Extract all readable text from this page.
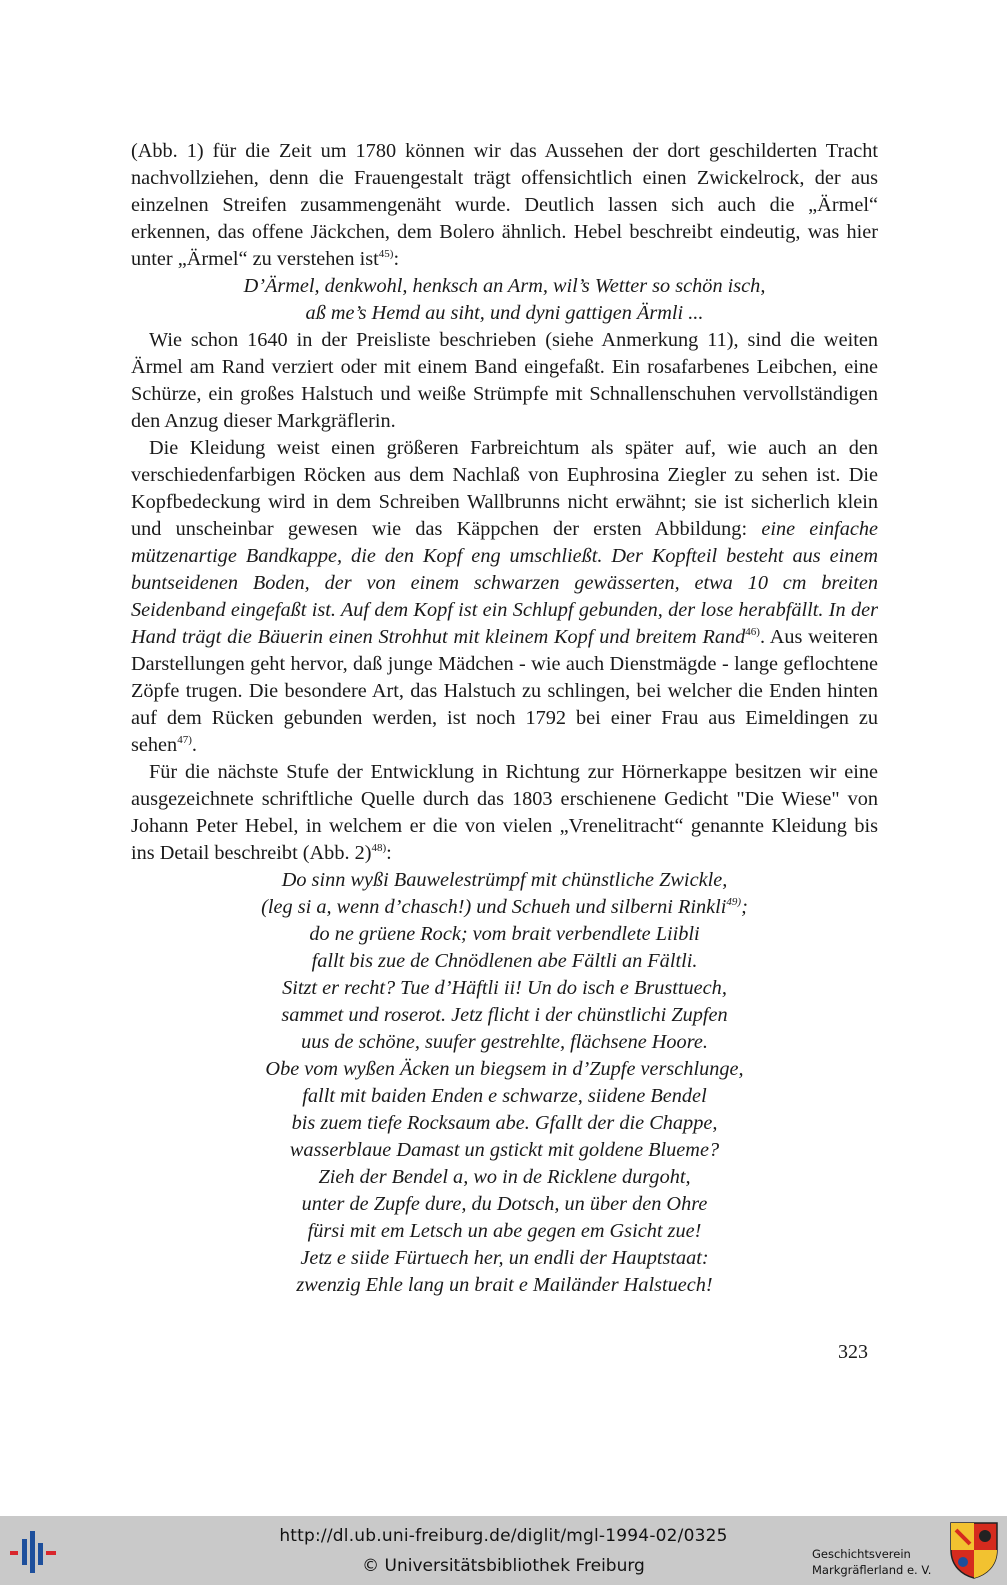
(Abb. 1) für die Zeit um 1780 können wir das Aussehen der dort geschilderten Tracht nachvollziehen, denn die Frauengestalt trägt offensichtlich einen Zwickelrock, der aus einzelnen Streifen zusammengenäht wurde. Deutlich lassen sich auch die „Ärmel“ erkennen, das offene Jäckchen, dem Bolero ähnlich. Hebel beschreibt eindeutig, was hier unter „Ärmel“ zu verstehen ist$^{45)}$:

D’Ärmel, denkwohl, henksch an Arm, wil’s Wetter so schön isch,
aß me’s Hemd au siht, und dyni gattigen Ärmli ...

Wie schon 1640 in der Preisliste beschrieben (siehe Anmerkung 11), sind die weiten Ärmel am Rand verziert oder mit einem Band eingefaßt. Ein rosafarbenes Leibchen, eine Schürze, ein großes Halstuch und weiße Strümpfe mit Schnallenschuhen vervollständigen den Anzug dieser Markgräflerin.

Die Kleidung weist einen größeren Farbreichtum als später auf, wie auch an den verschiedenfarbigen Röcken aus dem Nachlaß von Euphrosina Ziegler zu sehen ist. Die Kopfbedeckung wird in dem Schreiben Wallbrunns nicht erwähnt; sie ist sicherlich klein und unscheinbar gewesen wie das Käppchen der ersten Abbildung: eine einfache mützenartige Bandkappe, die den Kopf eng umschließt. Der Kopfteil besteht aus einem buntseidenen Boden, der von einem schwarzen gewässerten, etwa 10 cm breiten Seidenband eingefaßt ist. Auf dem Kopf ist ein Schlupf gebunden, der lose herabfällt. In der Hand trägt die Bäuerin einen Strohhut mit kleinem Kopf und breitem Rand$^{46)}$. Aus weiteren Darstellungen geht hervor, daß junge Mädchen - wie auch Dienstmägde - lange geflochtene Zöpfe trugen. Die besondere Art, das Halstuch zu schlingen, bei welcher die Enden hinten auf dem Rücken gebunden werden, ist noch 1792 bei einer Frau aus Eimeldingen zu sehen$^{47)}$.

Für die nächste Stufe der Entwicklung in Richtung zur Hörnerkappe besitzen wir eine ausgezeichnete schriftliche Quelle durch das 1803 erschienene Gedicht "Die Wiese" von Johann Peter Hebel, in welchem er die von vielen „Vrenelitracht“ genannte Kleidung bis ins Detail beschreibt (Abb. 2)$^{48)}$:

Do sinn wyßi Bauwelestrümpf mit chünstliche Zwickle,
(leg si a, wenn d’chasch!) und Schueh und silberni Rinkli$^{49)}$;
do ne grüene Rock; vom brait verbendlete Liibli
fallt bis zue de Chnödlenen abe Fältli an Fältli.
Sitzt er recht? Tue d’Häftli ii! Un do isch e Brusttuech,
sammet und roserot. Jetz flicht i der chünstlichi Zupfen
uus de schöne, suufer gestrehlte, flächsene Hoore.
Obe vom wyßen Äcken un biegsem in d’Zupfe verschlunge,
fallt mit baiden Enden e schwarze, siidene Bendel
bis zuem tiefe Rocksaum abe. Gfallt der die Chappe,
wasserblaue Damast un gstickt mit goldene Blueme?
Zieh der Bendel a, wo in de Ricklene durgoht,
unter de Zupfe dure, du Dotsch, un über den Ohre
fürsi mit em Letsch un abe gegen em Gsicht zue!
Jetz e siide Fürtuech her, un endli der Hauptstaat:
zwenzig Ehle lang un brait e Mailänder Halstuech!
323
http://dl.ub.uni-freiburg.de/diglit/mgl-1994-02/0325
© Universitätsbibliothek Freiburg
Geschichtsverein
Markgräflerland e. V.
